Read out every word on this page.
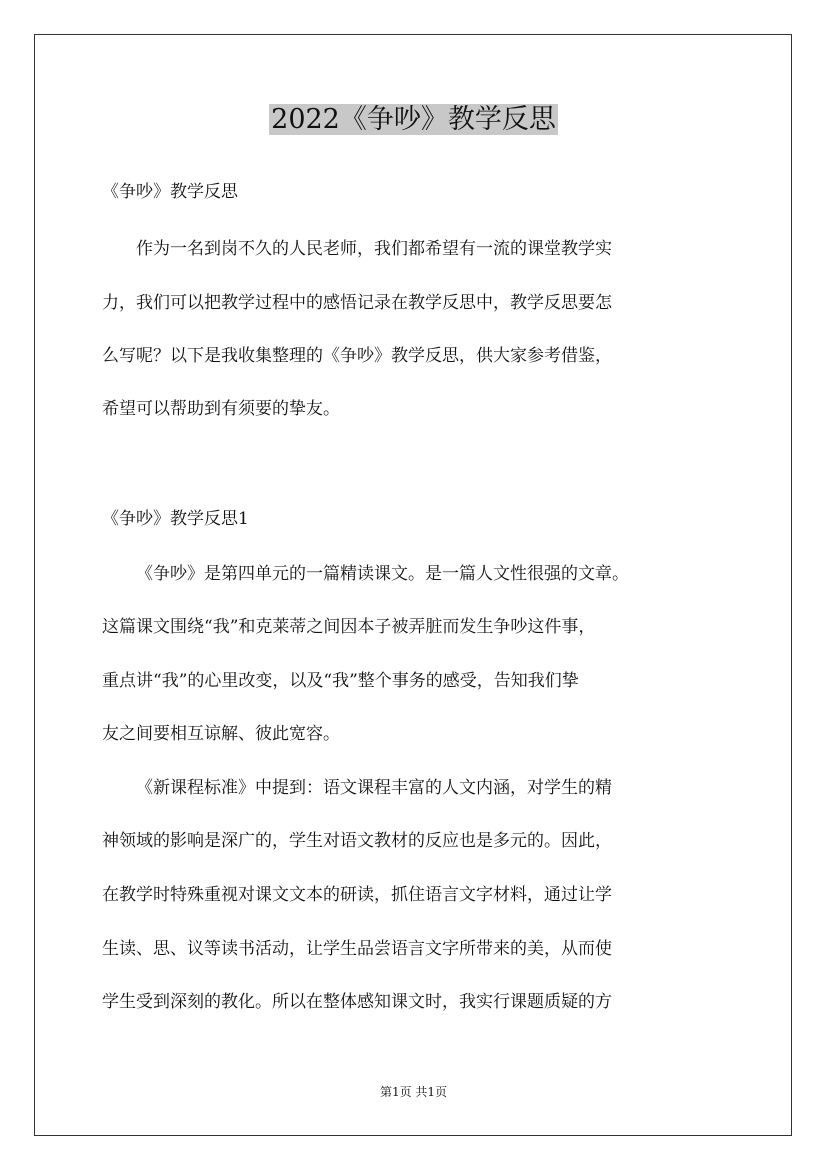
2022《争吵》教学反思

《争吵》教学反思

作为一名到岗不久的人民老师，我们都希望有一流的课堂教学实

力，我们可以把教学过程中的感悟记录在教学反思中，教学反思要怎

么写呢？以下是我收集整理的《争吵》教学反思，供大家参考借鉴，

希望可以帮助到有须要的挚友。

《争吵》教学反思1

《争吵》是第四单元的一篇精读课文。是一篇人文性很强的文章。

这篇课文围绕“我”和克莱蒂之间因本子被弄脏而发生争吵这件事，

重点讲“我”的心里改变，以及“我”整个事务的感受，告知我们挚

友之间要相互谅解、彼此宽容。

《新课程标准》中提到：语文课程丰富的人文内涵，对学生的精

神领域的影响是深广的，学生对语文教材的反应也是多元的。因此，

在教学时特殊重视对课文文本的研读，抓住语言文字材料，通过让学

生读、思、议等读书活动，让学生品尝语言文字所带来的美，从而使

学生受到深刻的教化。所以在整体感知课文时，我实行课题质疑的方

第1页 共1页
